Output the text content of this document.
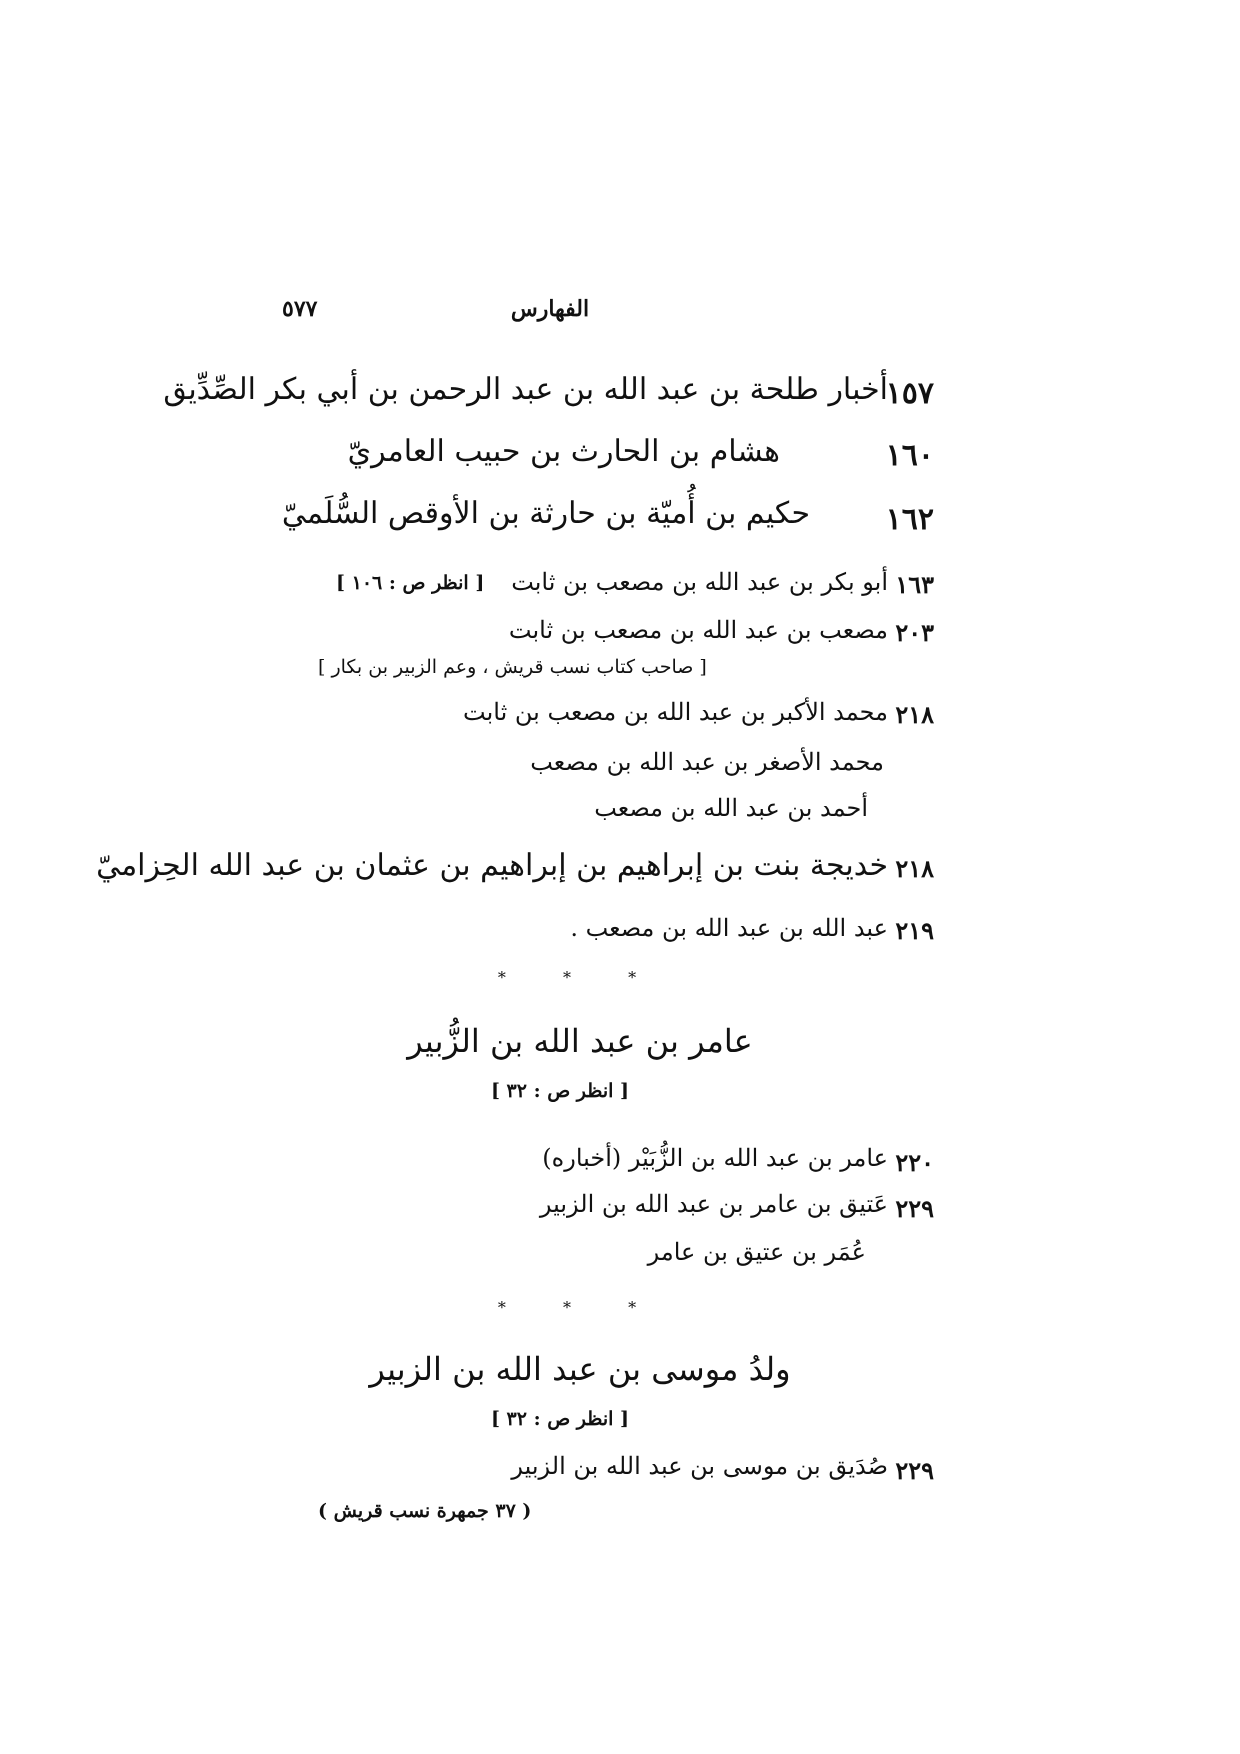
٥٧٧	الفهارس
١٥٧
أخبار طلحة بن عبد الله بن عبد الرحمن بن أبي بكر الصِّدِّيق
١٦٠
هشام بن الحارث بن حبيب العامريّ
١٦٢
حكيم بن أُميّة بن حارثة بن الأوقص السُّلَميّ
١٦٣
أبو بكر بن عبد الله بن مصعب بن ثابت
[ انظر ص : ١٠٦ ]
٢٠٣
مصعب بن عبد الله بن مصعب بن ثابت
[ صاحب كتاب نسب قريش ، وعم الزبير بن بكار ]
٢١٨
محمد الأكبر بن عبد الله بن مصعب بن ثابت
محمد الأصغر بن عبد الله بن مصعب
أحمد بن عبد الله بن مصعب
٢١٨
خديجة بنت بن إبراهيم بن إبراهيم بن عثمان بن عبد الله الحِزاميّ
٢١٩
عبد الله بن عبد الله بن مصعب .
* * *
عامر بن عبد الله بن الزُّبير
[ انظر ص : ٣٢ ]
٢٢٠
عامر بن عبد الله بن الزُّبَيْر (أخباره)
٢٢٩
عَتيق بن عامر بن عبد الله بن الزبير
عُمَر بن عتيق بن عامر
* * *
ولدُ موسى بن عبد الله بن الزبير
[ انظر ص : ٣٢ ]
٢٢٩
صُدَيق بن موسى بن عبد الله بن الزبير
( ٣٧ جمهرة نسب قريش )
